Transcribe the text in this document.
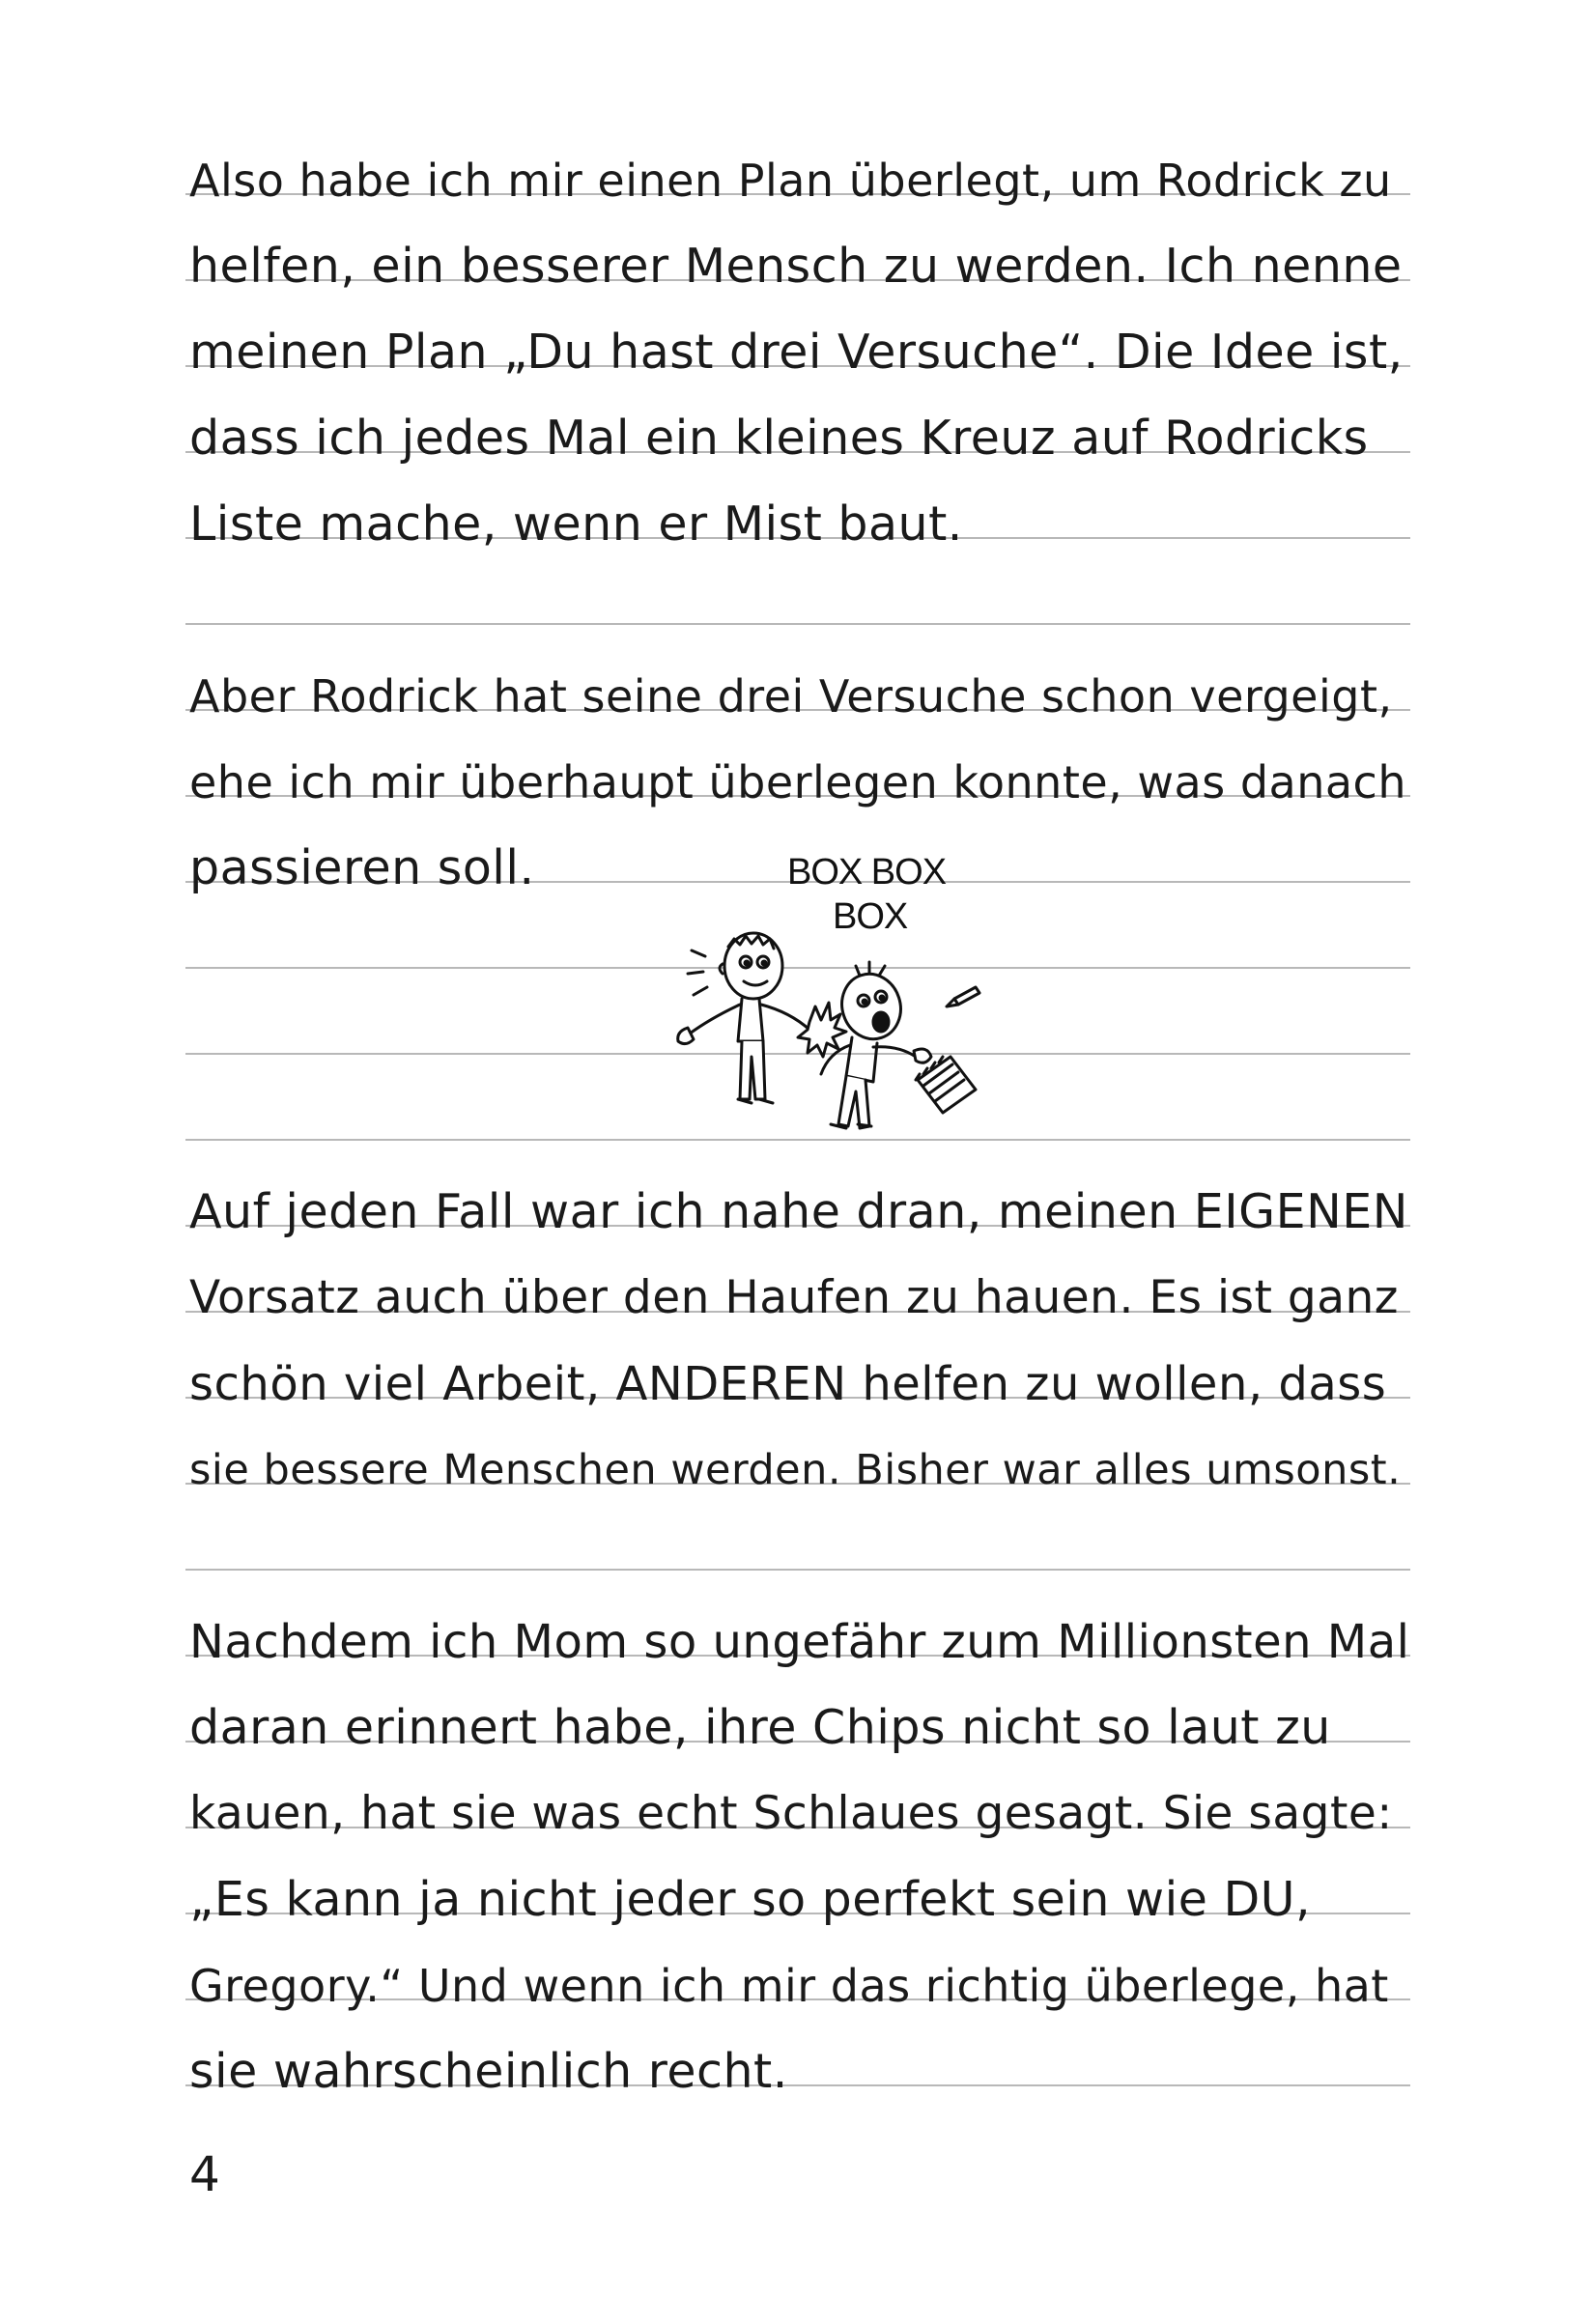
Also habe ich mir einen Plan überlegt, um Rodrick zu
helfen, ein besserer Mensch zu werden. Ich nenne
meinen Plan „Du hast drei Versuche“. Die Idee ist,
dass ich jedes Mal ein kleines Kreuz auf Rodricks
Liste mache, wenn er Mist baut.
Aber Rodrick hat seine drei Versuche schon vergeigt,
ehe ich mir überhaupt überlegen konnte, was danach
passieren soll.	BOX BOX
BOX
Auf jeden Fall war ich nahe dran, meinen EIGENEN
Vorsatz auch über den Haufen zu hauen. Es ist ganz
schön viel Arbeit, ANDEREN helfen zu wollen, dass
sie bessere Menschen werden. Bisher war alles umsonst.
Nachdem ich Mom so ungefähr zum Millionsten Mal
daran erinnert habe, ihre Chips nicht so laut zu
kauen, hat sie was echt Schlaues gesagt. Sie sagte:
„Es kann ja nicht jeder so perfekt sein wie DU,
Gregory.“ Und wenn ich mir das richtig überlege, hat
sie wahrscheinlich recht.
4
